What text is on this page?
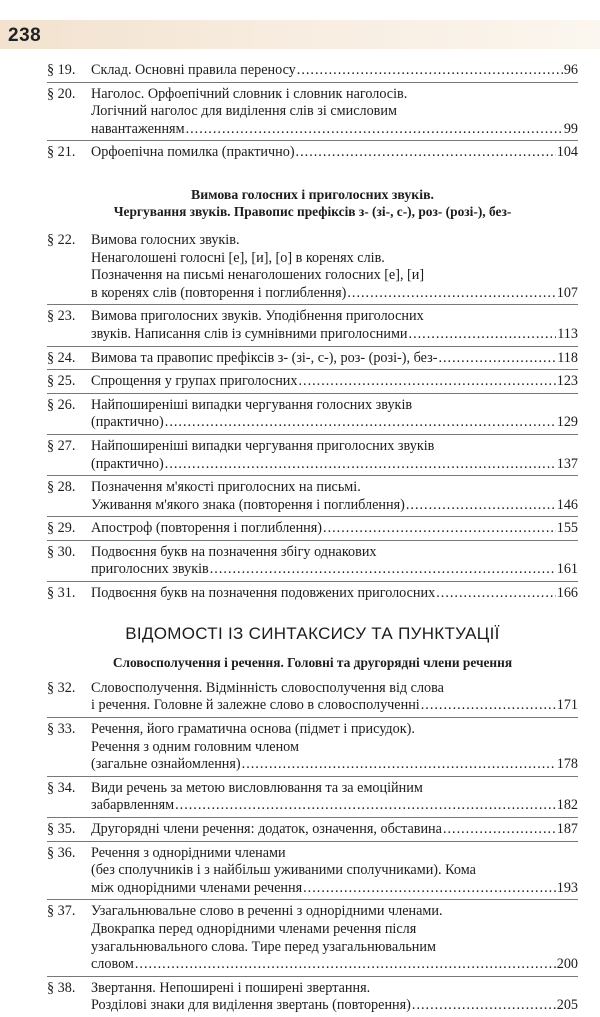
238
§ 19.	Склад. Основні правила переносу .....	96
§ 20.	Наголос. Орфоепічний словник і словник наголосів.
Логічний наголос для виділення слів зі смисловим
навантаженням .....	99
§ 21.	Орфоепічна помилка (практично) .....	104
Вимова голосних і приголосних звуків.
Чергування звуків. Правопис префіксів з- (зі-, с-), роз- (розі-), без-
§ 22.	Вимова голосних звуків.
Ненаголошені голосні [е], [и], [о] в коренях слів.
Позначення на письмі ненаголошених голосних [е], [и]
в коренях слів (повторення і поглиблення) .....	107
§ 23.	Вимова приголосних звуків. Уподібнення приголосних
звуків. Написання слів із сумнівними приголосними .....	113
§ 24.	Вимова та правопис префіксів з- (зі-, с-), роз- (розі-), без- .....	118
§ 25.	Спрощення у групах приголосних .....	123
§ 26.	Найпоширеніші випадки чергування голосних звуків
(практично) .....	129
§ 27.	Найпоширеніші випадки чергування приголосних звуків
(практично) .....	137
§ 28.	Позначення м'якості приголосних на письмі.
Уживання м'якого знака (повторення і поглиблення) .....	146
§ 29.	Апостроф (повторення і поглиблення) .....	155
§ 30.	Подвоєння букв на позначення збігу однакових
приголосних звуків .....	161
§ 31.	Подвоєння букв на позначення подовжених приголосних .....	166
ВІДОМОСТІ ІЗ СИНТАКСИСУ ТА ПУНКТУАЦІЇ
Словосполучення і речення. Головні та другорядні члени речення
§ 32.	Словосполучення. Відмінність словосполучення від слова
і речення. Головне й залежне слово в словосполученні .....	171
§ 33.	Речення, його граматична основа (підмет і присудок).
Речення з одним головним членом
(загальне ознайомлення) .....	178
§ 34.	Види речень за метою висловлювання та за емоційним
забарвленням .....	182
§ 35.	Другорядні члени речення: додаток, означення, обставина .....	187
§ 36.	Речення з однорідними членами
(без сполучників і з найбільш уживаними сполучниками). Кома
між однорідними членами речення .....	193
§ 37.	Узагальнювальне слово в реченні з однорідними членами.
Двокрапка перед однорідними членами речення після
узагальнювального слова. Тире перед узагальнювальним
словом .....	200
§ 38.	Звертання. Непоширені і поширені звертання.
Розділові знаки для виділення звертань (повторення) .....	205
